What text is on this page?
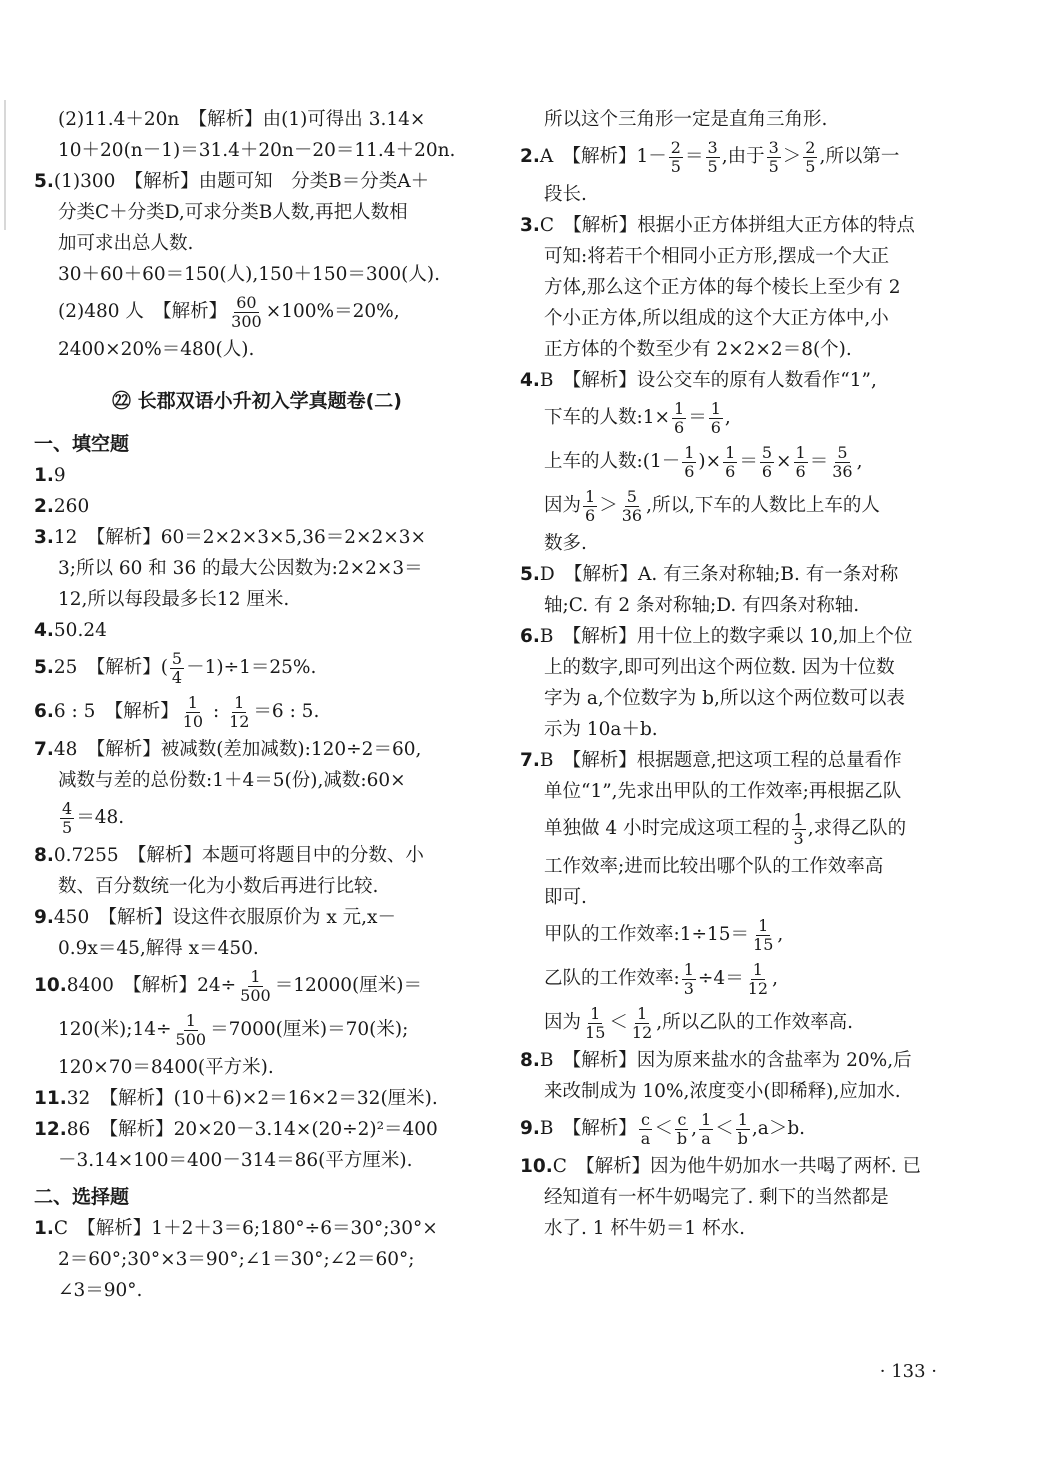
(2)11.4＋20n　【解析】由(1)可得出 3.14×
10＋20(n－1)＝31.4＋20n－20＝11.4＋20n.
5.(1)300　【解析】由题可知　分类B＝分类A＋
分类C＋分类D,可求分类B人数,再把人数相
加可求出总人数.
30＋60＋60＝150(人),150＋150＝300(人).
(2)480 人　【解析】 $\frac{60}{300} \times 100\%=20\%$,
2400×20%＝480(人).
㉒ 长郡双语小升初入学真题卷(二)
一、填空题
1.9
2.260
3.12　【解析】60＝2×2×3×5,36＝2×2×3×
3;所以 60 和 36 的最大公因数为:2×2×3＝
12,所以每段最多长12 厘米.
4.50.24
5.25　【解析】( $\frac{5}{4} -1)\div 1=25\%$.
6.6 : 5　【解析】 $\frac{1}{10}$ : $\frac{1}{12} =6$ : 5.
7.48　【解析】被减数(差加减数):120÷2＝60,
减数与差的总份数:1＋4＝5(份),减数:60×
$\frac{4}{5} =48$.
8.0.7255　【解析】本题可将题目中的分数、小
数、百分数统一化为小数后再进行比较.
9.450　【解析】设这件衣服原价为 x 元,x－
0.9x＝45,解得 x＝450.
10.8400　【解析】$24\div \frac{1}{500} =12000$(厘米)＝
120(米);14÷ $\frac{1}{500} =7000$(厘米)＝70(米);
120×70＝8400(平方米).
11.32　【解析】(10＋6)×2＝16×2＝32(厘米).
12.86　【解析】20×20－3.14×(20÷2)²＝400
－3.14×100＝400－314＝86(平方厘米).
二、选择题
1.C　【解析】1＋2＋3＝6;180°÷6＝30°;30°×
2＝60°;30°×3＝90°;∠1＝30°;∠2＝60°;
∠3＝90°.
所以这个三角形一定是直角三角形.
2.A　【解析】$1- \frac{2}{5} = \frac{3}{5}$ ,由于 $\frac{3}{5} > \frac{2}{5}$ ,所以第一
段长.
3.C　【解析】根据小正方体拼组大正方体的特点
可知:将若干个相同小正方形,摆成一个大正
方体,那么这个正方体的每个棱长上至少有 2
个小正方体,所以组成的这个大正方体中,小
正方体的个数至少有 2×2×2＝8(个).
4.B　【解析】设公交车的原有人数看作“1”,
下车的人数:1× $\frac{1}{6} = \frac{1}{6}$ ,
上车的人数:(1－ $\frac{1}{6}$ )× $\frac{1}{6} = \frac{5}{6} \times \frac{1}{6} = \frac{5}{36}$ ,
因为 $\frac{1}{6} > \frac{5}{36}$ ,所以,下车的人数比上车的人
数多.
5.D　【解析】A. 有三条对称轴;B. 有一条对称
轴;C. 有 2 条对称轴;D. 有四条对称轴.
6.B　【解析】用十位上的数字乘以 10,加上个位
上的数字,即可列出这个两位数. 因为十位数
字为 a,个位数字为 b,所以这个两位数可以表
示为 10a＋b.
7.B　【解析】根据题意,把这项工程的总量看作
单位“1”,先求出甲队的工作效率;再根据乙队
单独做 4 小时完成这项工程的 $\frac{1}{3}$ ,求得乙队的
工作效率;进而比较出哪个队的工作效率高
即可.
甲队的工作效率:1÷15＝ $\frac{1}{15}$ ,
乙队的工作效率: $\frac{1}{3} \div 4= \frac{1}{12}$ ,
因为 $\frac{1}{15} < \frac{1}{12}$ ,所以乙队的工作效率高.
8.B　【解析】因为原来盐水的含盐率为 20%,后
来改制成为 10%,浓度变小(即稀释),应加水.
9.B　【解析】 $\frac{c}{a} < \frac{c}{b}$ , $\frac{1}{a} < \frac{1}{b} ,a>b$.
10.C　【解析】因为他牛奶加水一共喝了两杯. 已
经知道有一杯牛奶喝完了. 剩下的当然都是
水了. 1 杯牛奶＝1 杯水.
· 133 ·
